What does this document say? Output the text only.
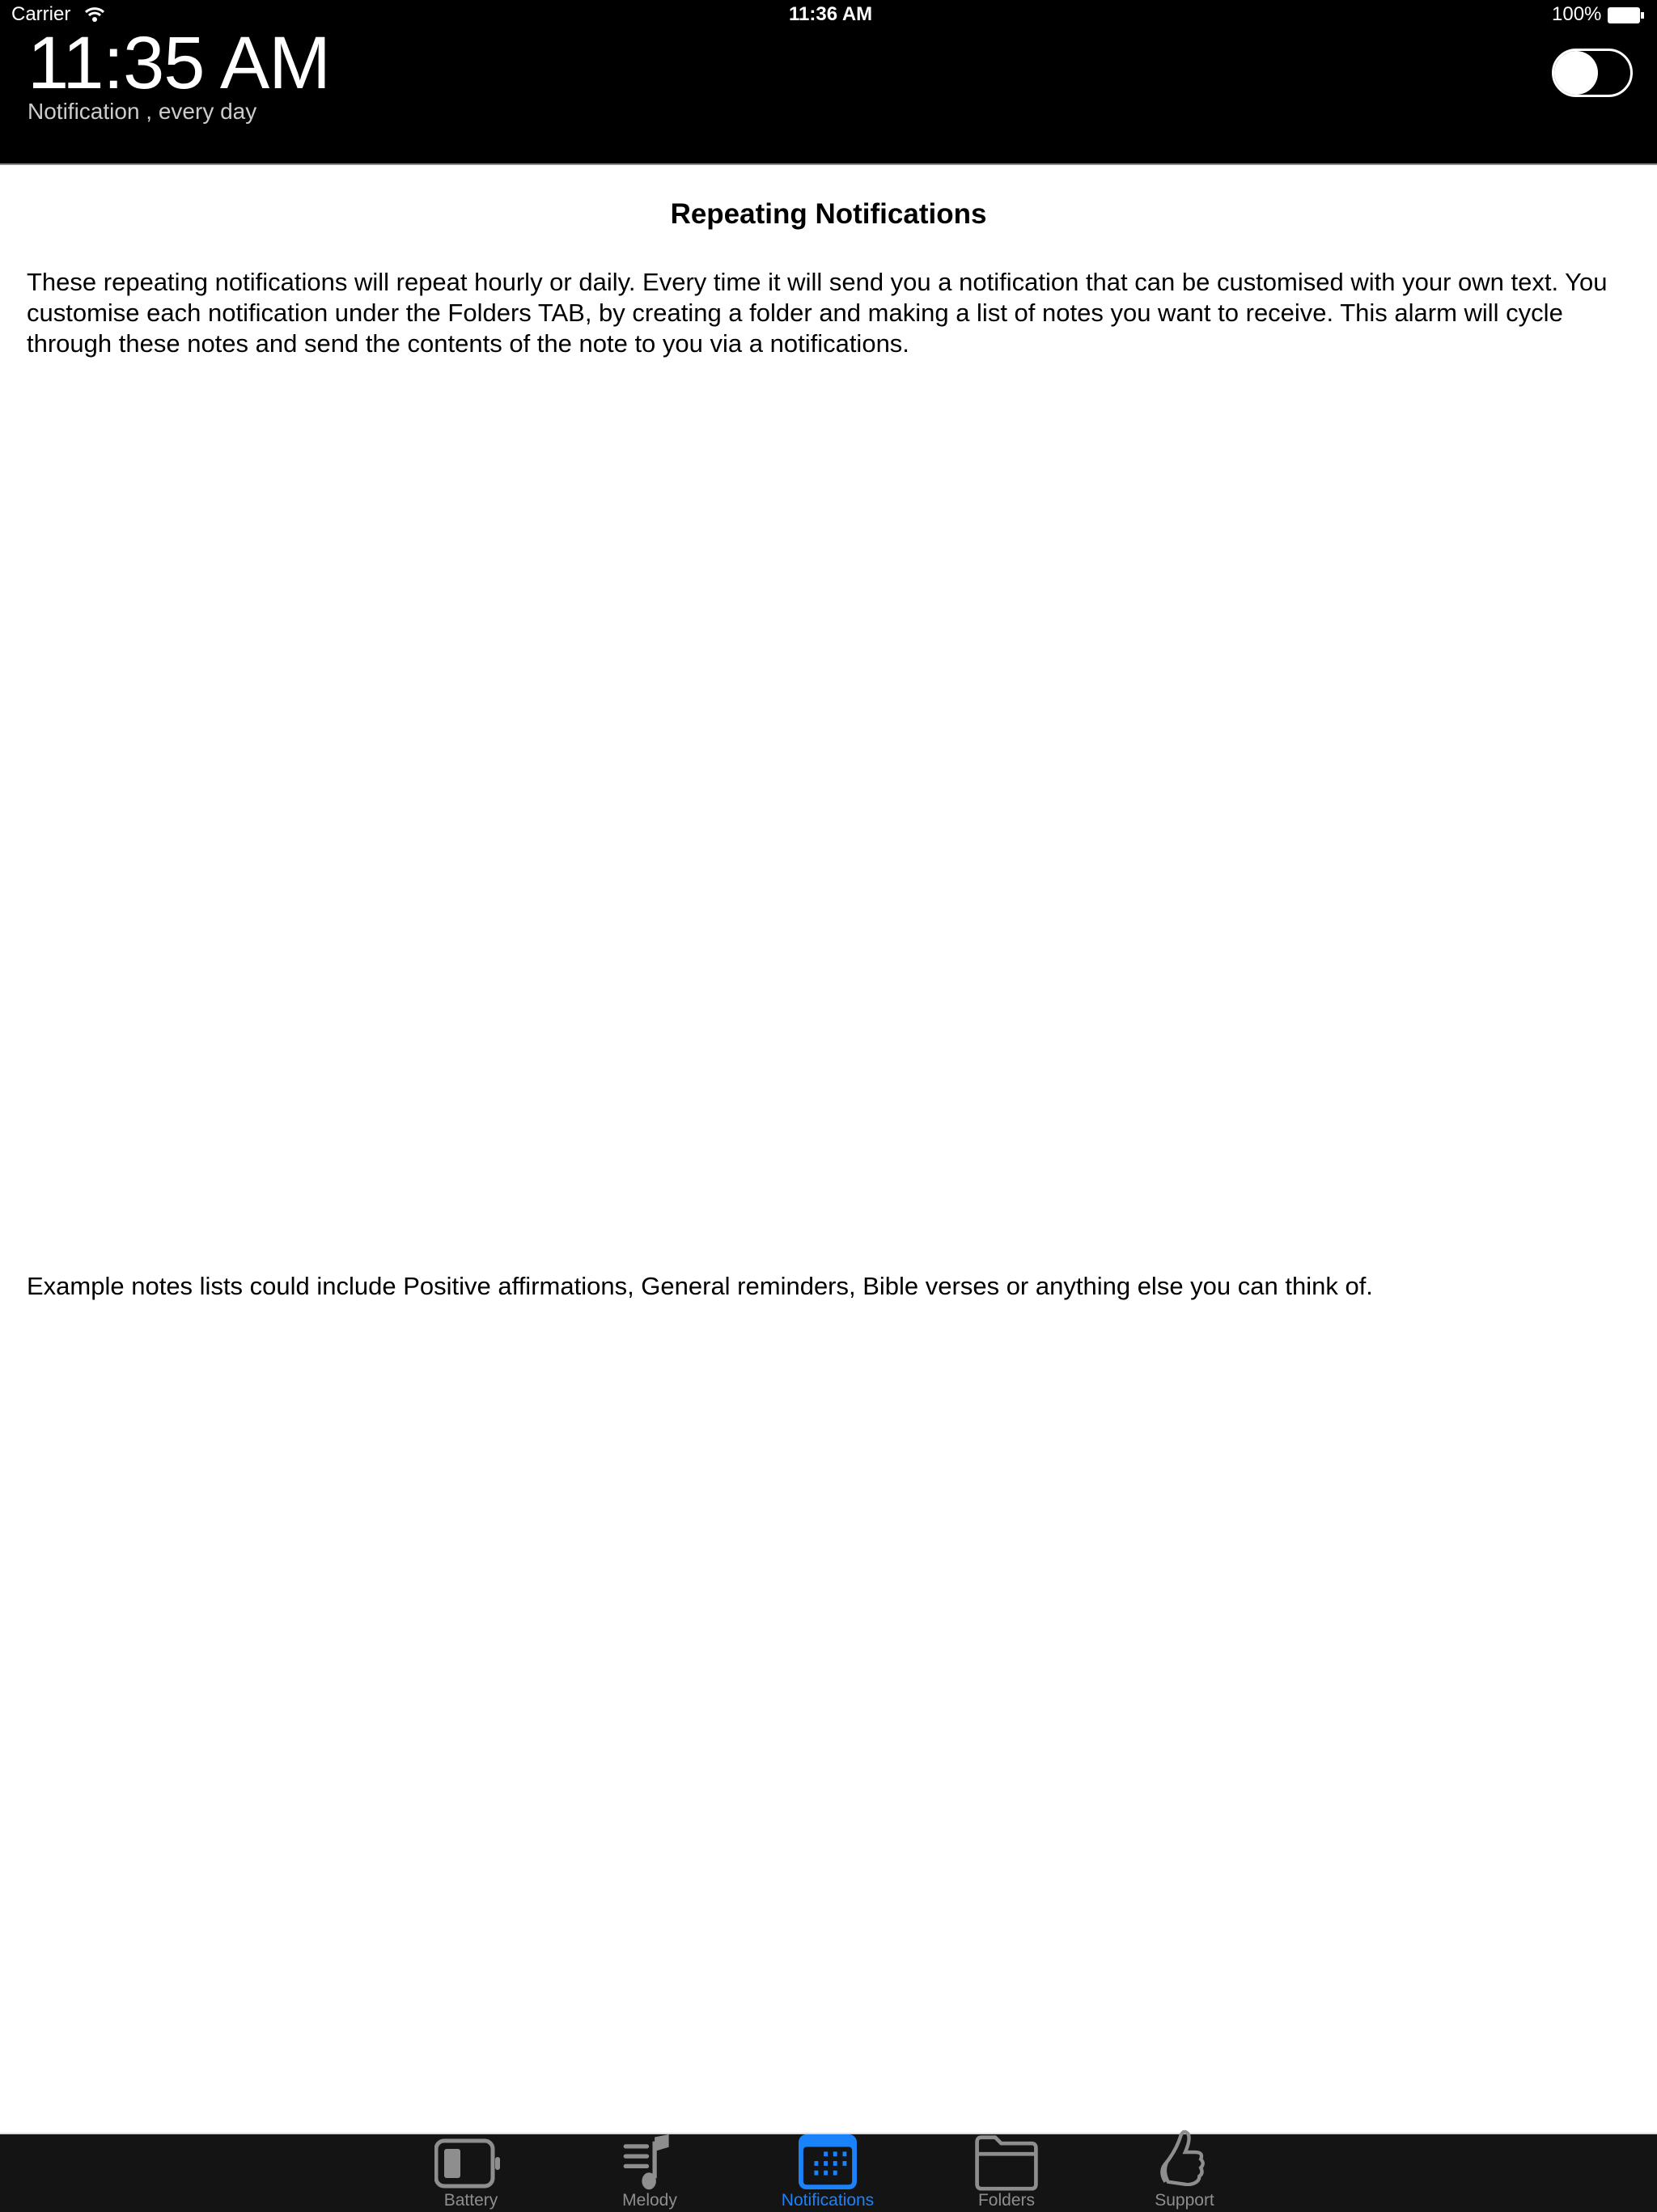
Carrier	11:36 AM	100%
11:35 AM
Notification , every day
Repeating Notifications
These repeating notifications will repeat hourly or daily. Every time it will send you a notification that can be customised with your own text. You customise each notification under the Folders TAB, by creating a folder and making a list of notes you want to receive. This alarm will cycle through these notes and send the contents of the note to you via a notifications.
Example notes lists could include Positive affirmations, General reminders, Bible verses or anything else you can think of.
Battery	Melody	Notifications	Folders	Support
